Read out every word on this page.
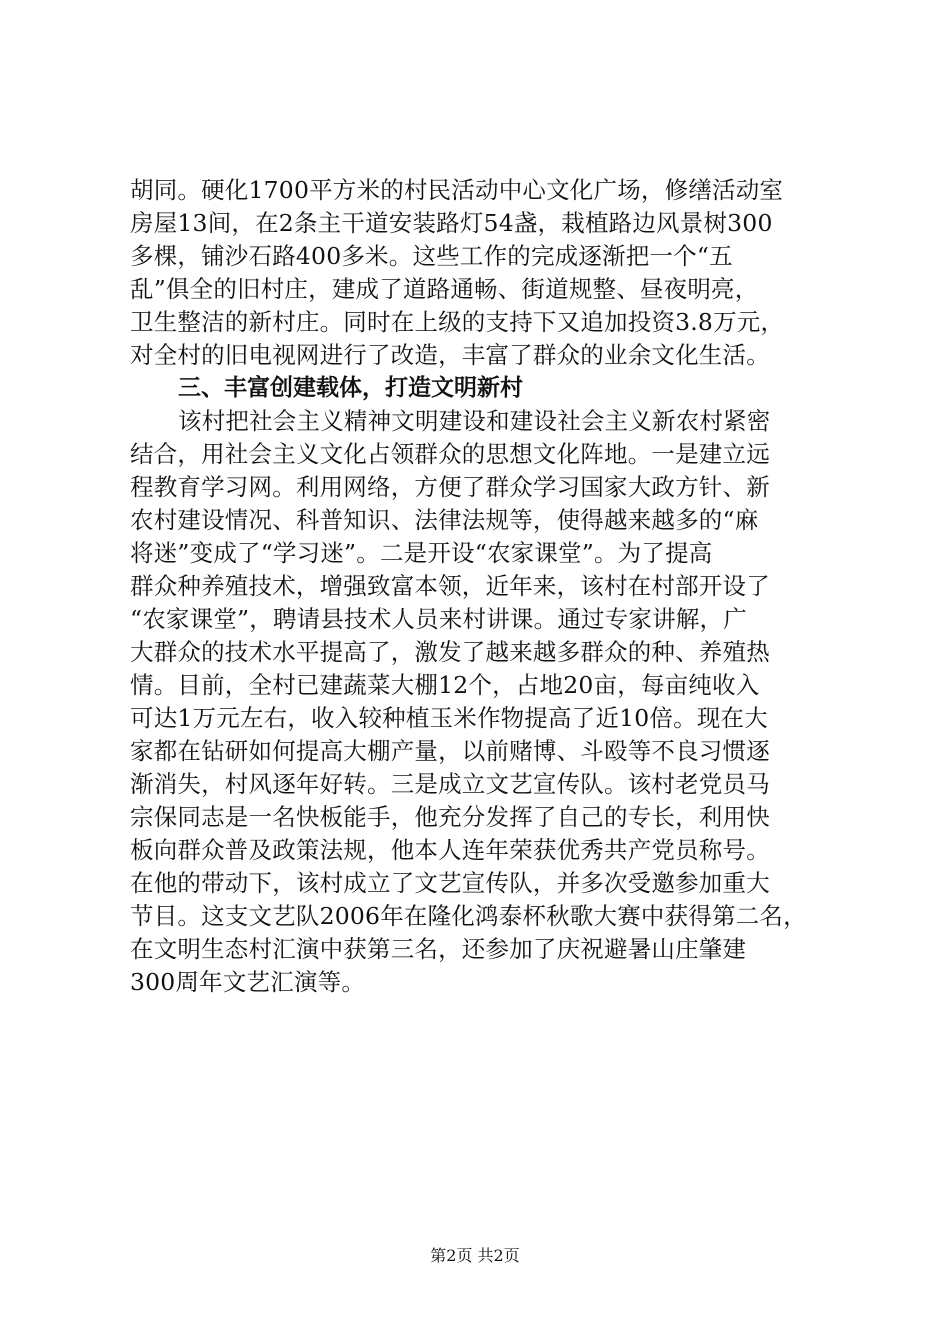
胡同。硬化1700平方米的村民活动中心文化广场，修缮活动室
房屋13间，在2条主干道安装路灯54盏，栽植路边风景树300
多棵，铺沙石路400多米。这些工作的完成逐渐把一个“五
乱”俱全的旧村庄，建成了道路通畅、街道规整、昼夜明亮，
卫生整洁的新村庄。同时在上级的支持下又追加投资3.8万元，
对全村的旧电视网进行了改造，丰富了群众的业余文化生活。
三、丰富创建载体，打造文明新村
该村把社会主义精神文明建设和建设社会主义新农村紧密
结合，用社会主义文化占领群众的思想文化阵地。一是建立远
程教育学习网。利用网络，方便了群众学习国家大政方针、新
农村建设情况、科普知识、法律法规等，使得越来越多的“麻
将迷”变成了“学习迷”。二是开设“农家课堂”。为了提高
群众种养殖技术，增强致富本领，近年来，该村在村部开设了
“农家课堂”，聘请县技术人员来村讲课。通过专家讲解，广
大群众的技术水平提高了，激发了越来越多群众的种、养殖热
情。目前，全村已建蔬菜大棚12个，占地20亩，每亩纯收入
可达1万元左右，收入较种植玉米作物提高了近10倍。现在大
家都在钻研如何提高大棚产量，以前赌博、斗殴等不良习惯逐
渐消失，村风逐年好转。三是成立文艺宣传队。该村老党员马
宗保同志是一名快板能手，他充分发挥了自己的专长，利用快
板向群众普及政策法规，他本人连年荣获优秀共产党员称号。
在他的带动下，该村成立了文艺宣传队，并多次受邀参加重大
节目。这支文艺队2006年在隆化鸿泰杯秋歌大赛中获得第二名，
在文明生态村汇演中获第三名，还参加了庆祝避暑山庄肇建
300周年文艺汇演等。
第2页 共2页
